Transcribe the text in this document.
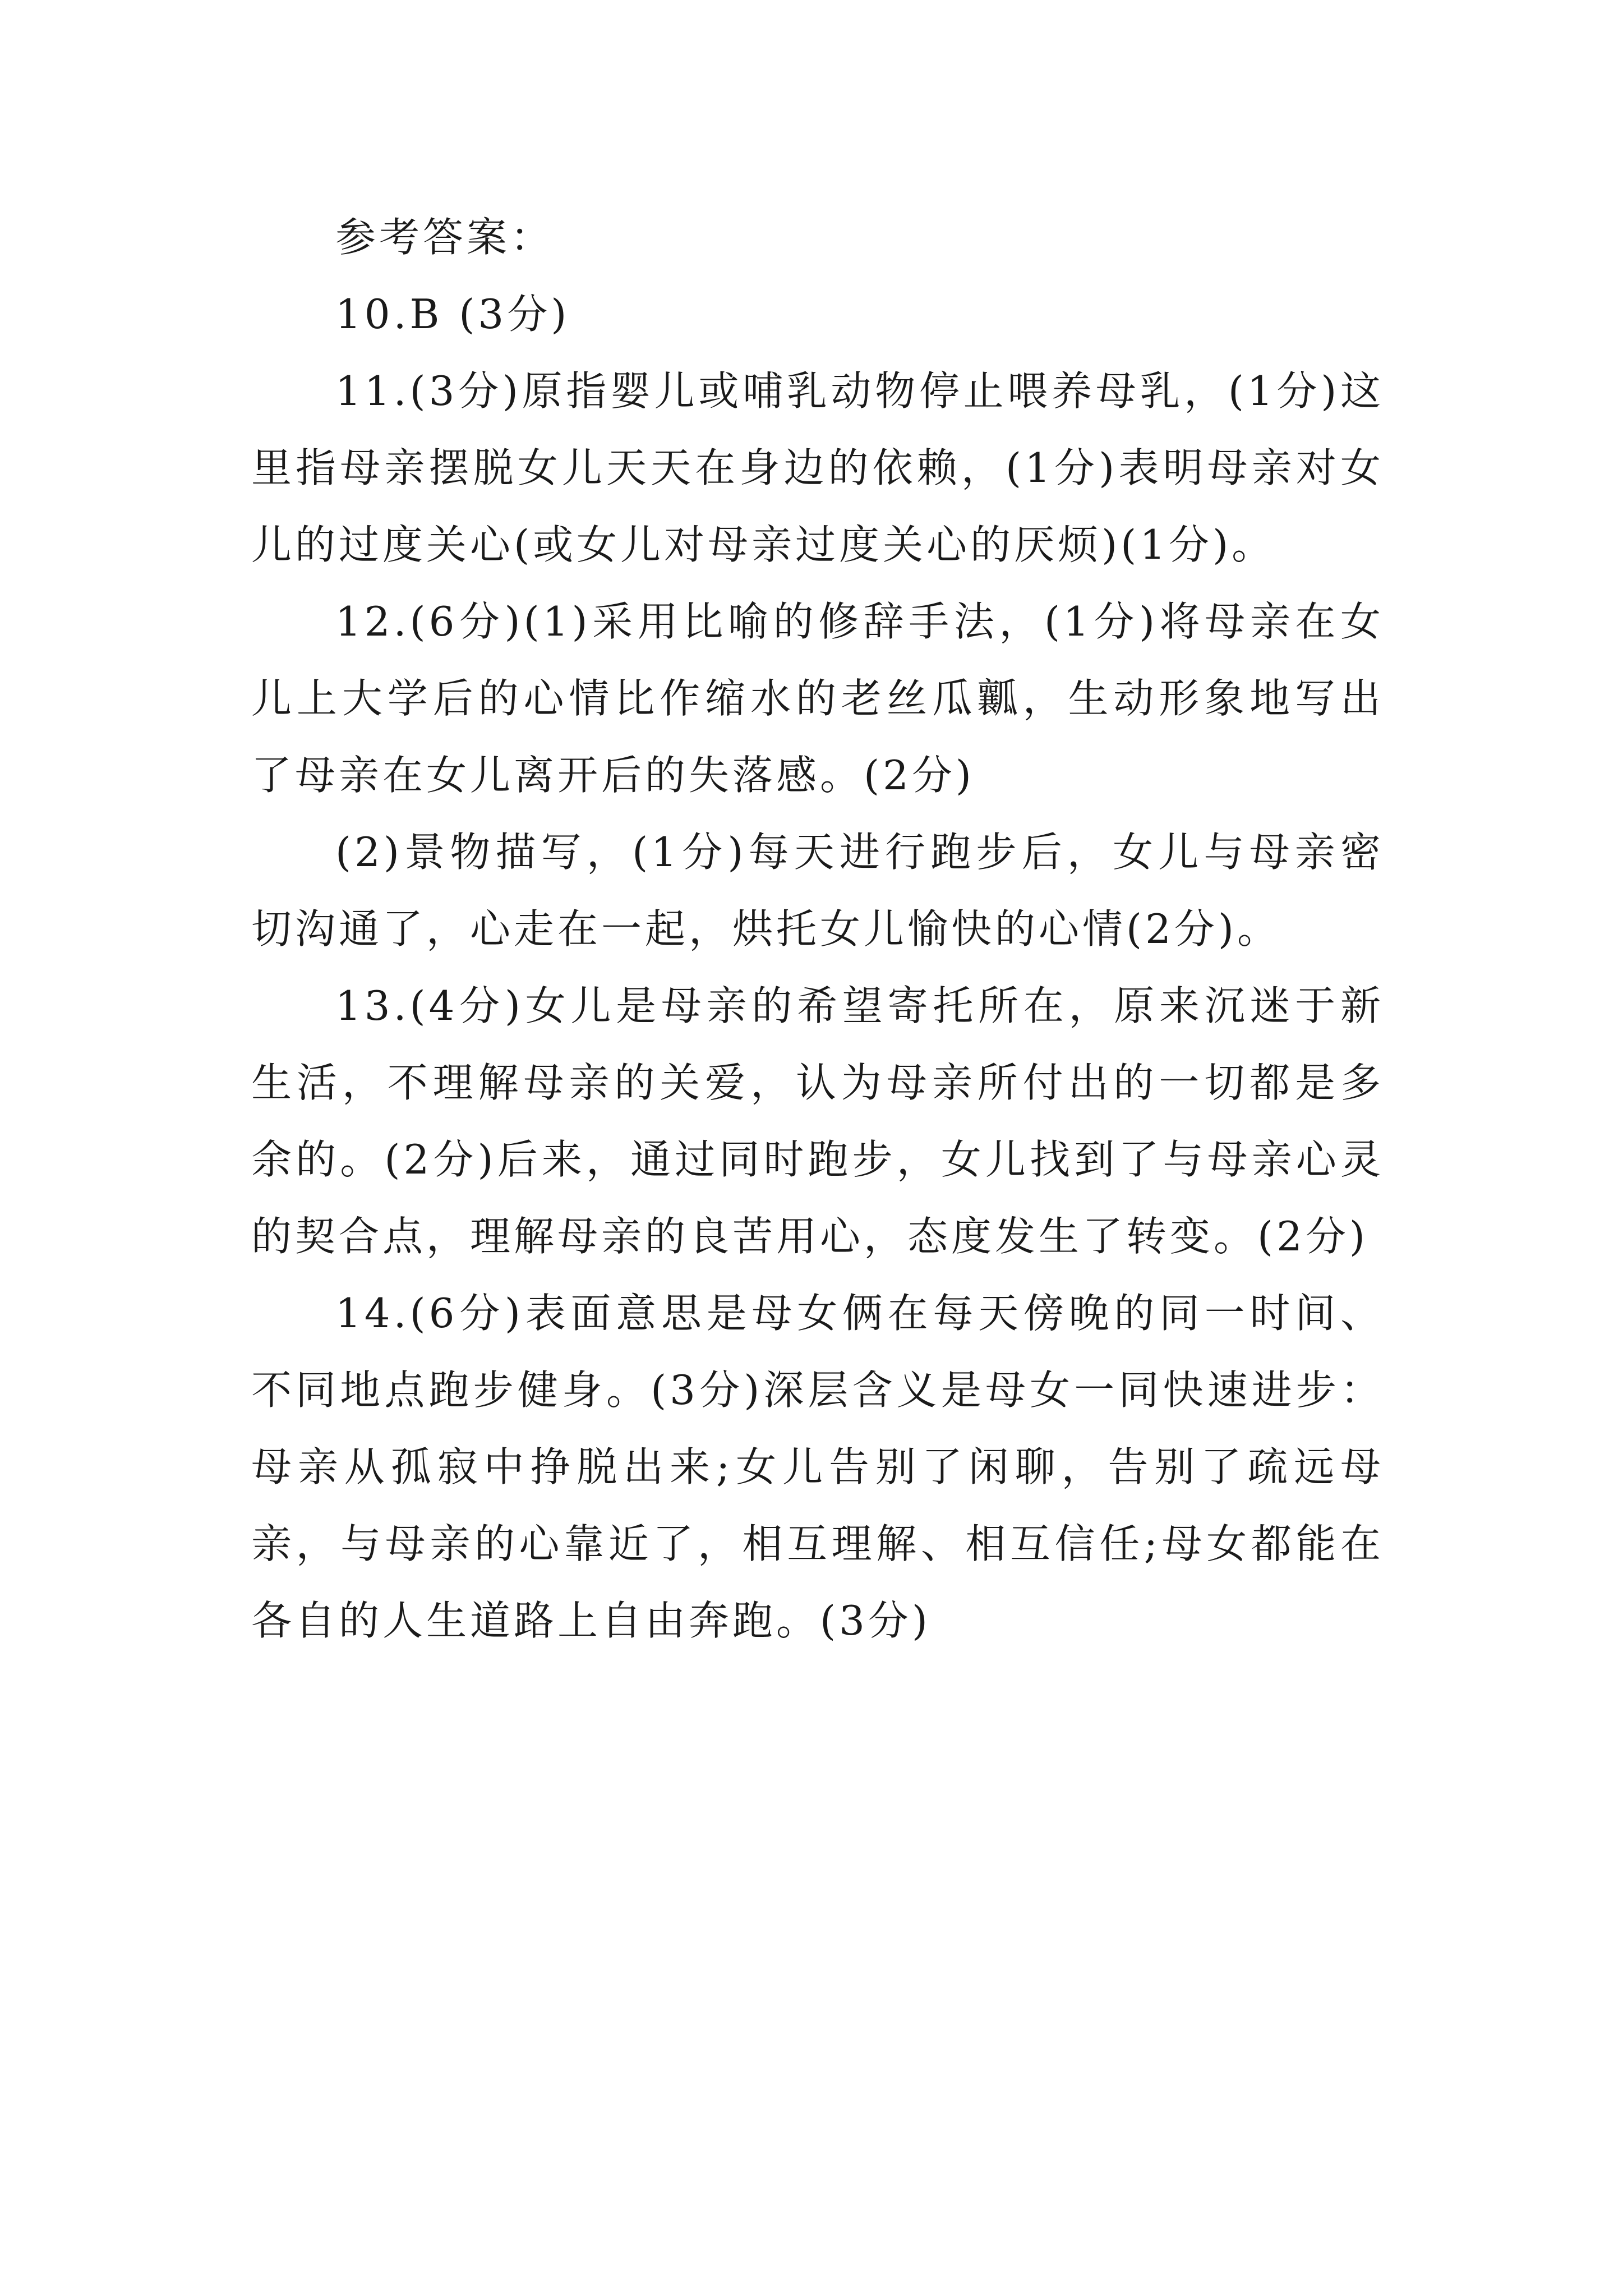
参考答案：

10.B (3分)

11.(3分)原指婴儿或哺乳动物停止喂养母乳，(1分)这里指母亲摆脱女儿天天在身边的依赖，(1分)表明母亲对女儿的过度关心(或女儿对母亲过度关心的厌烦)(1分)。

12.(6分)(1)采用比喻的修辞手法，(1分)将母亲在女儿上大学后的心情比作缩水的老丝瓜瓤，生动形象地写出了母亲在女儿离开后的失落感。(2分)

(2)景物描写，(1分)每天进行跑步后，女儿与母亲密切沟通了，心走在一起，烘托女儿愉快的心情(2分)。

13.(4分)女儿是母亲的希望寄托所在，原来沉迷于新生活，不理解母亲的关爱，认为母亲所付出的一切都是多余的。(2分)后来，通过同时跑步，女儿找到了与母亲心灵的契合点，理解母亲的良苦用心，态度发生了转变。(2分)

14.(6分)表面意思是母女俩在每天傍晚的同一时间、不同地点跑步健身。(3分)深层含义是母女一同快速进步：母亲从孤寂中挣脱出来;女儿告别了闲聊，告别了疏远母亲，与母亲的心靠近了，相互理解、相互信任;母女都能在各自的人生道路上自由奔跑。(3分)
